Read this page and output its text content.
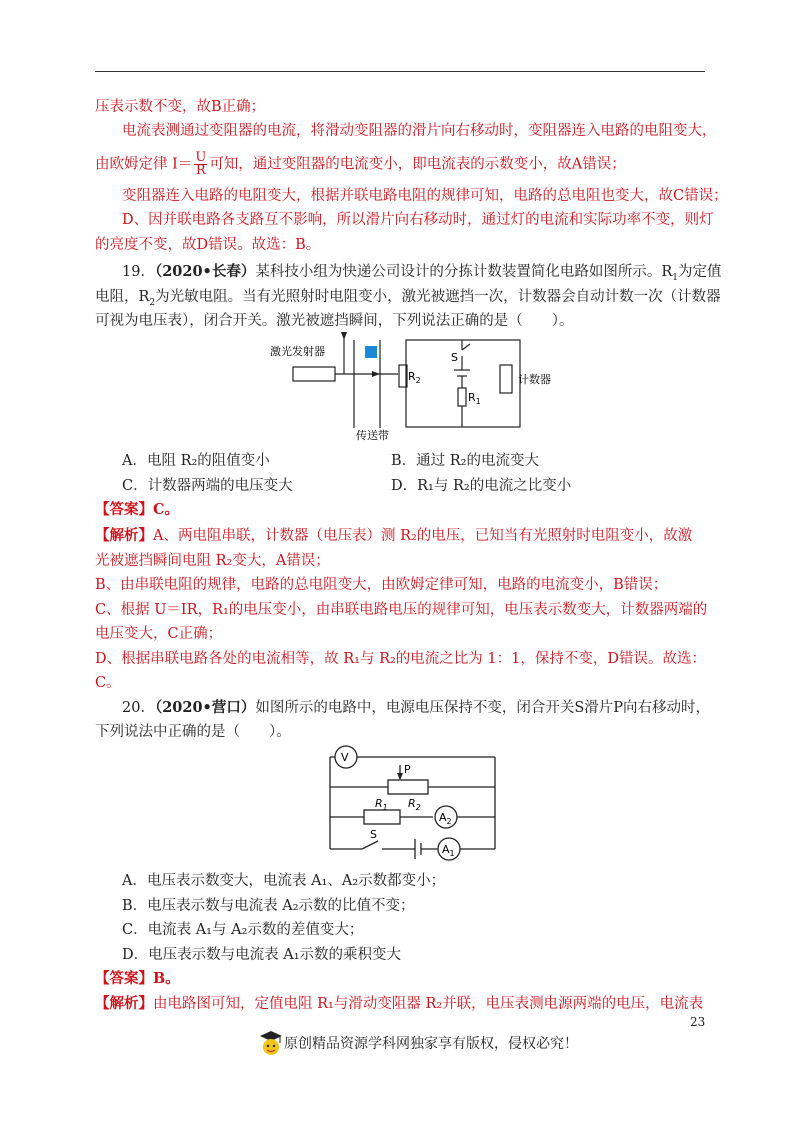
压表示数不变，故B正确；
电流表测通过变阻器的电流，将滑动变阻器的滑片向右移动时，变阻器连入电路的电阻变大，
由欧姆定律 $I= \frac{U}{R}$ 可知，通过变阻器的电流变小，即电流表的示数变小，故A错误；
变阻器连入电路的电阻变大，根据并联电路电阻的规律可知，电路的总电阻也变大，故C错误；
D、因并联电路各支路互不影响，所以滑片向右移动时，通过灯的电流和实际功率不变，则灯
的亮度不变，故D错误。故选：B。
19．（2020•长春）某科技小组为快递公司设计的分拣计数装置简化电路如图所示。$R_1$为定值
电阻，$R_2$为光敏电阻。当有光照射时电阻变小，激光被遮挡一次，计数器会自动计数一次（计数器
可视为电压表），闭合开关。激光被遮挡瞬间，下列说法正确的是（　　）。
激光发射器
传送带
计数器
$R_2$
$R_1$
S
A．电阻 R₂的阻值变小	B．通过 R₂的电流变大
C．计数器两端的电压变大	D．R₁与 R₂的电流之比变小
【答案】C。
【解析】A、两电阻串联，计数器（电压表）测 R₂的电压，已知当有光照射时电阻变小，故激
光被遮挡瞬间电阻 R₂变大，A错误；
B、由串联电阻的规律，电路的总电阻变大，由欧姆定律可知，电路的电流变小，B错误；
C、根据 U＝IR，R₁的电压变小，由串联电路电压的规律可知，电压表示数变大，计数器两端的
电压变大，C正确；
D、根据串联电路各处的电流相等，故 R₁与 R₂的电流之比为 1：1，保持不变，D错误。故选：
C。
20．（2020•营口）如图所示的电路中，电源电压保持不变，闭合开关S滑片P向右移动时，
下列说法中正确的是（　　）。
V
P
$R_1$ $R_2$
$A_2$
S
$A_1$
A．电压表示数变大，电流表 A₁、A₂示数都变小；
B．电压表示数与电流表 A₂示数的比值不变；
C．电流表 A₁与 A₂示数的差值变大；
D．电压表示数与电流表 A₁示数的乘积变大
【答案】B。
【解析】由电路图可知，定值电阻 R₁与滑动变阻器 R₂并联，电压表测电源两端的电压，电流表
23
原创精品资源学科网独家享有版权，侵权必究！
